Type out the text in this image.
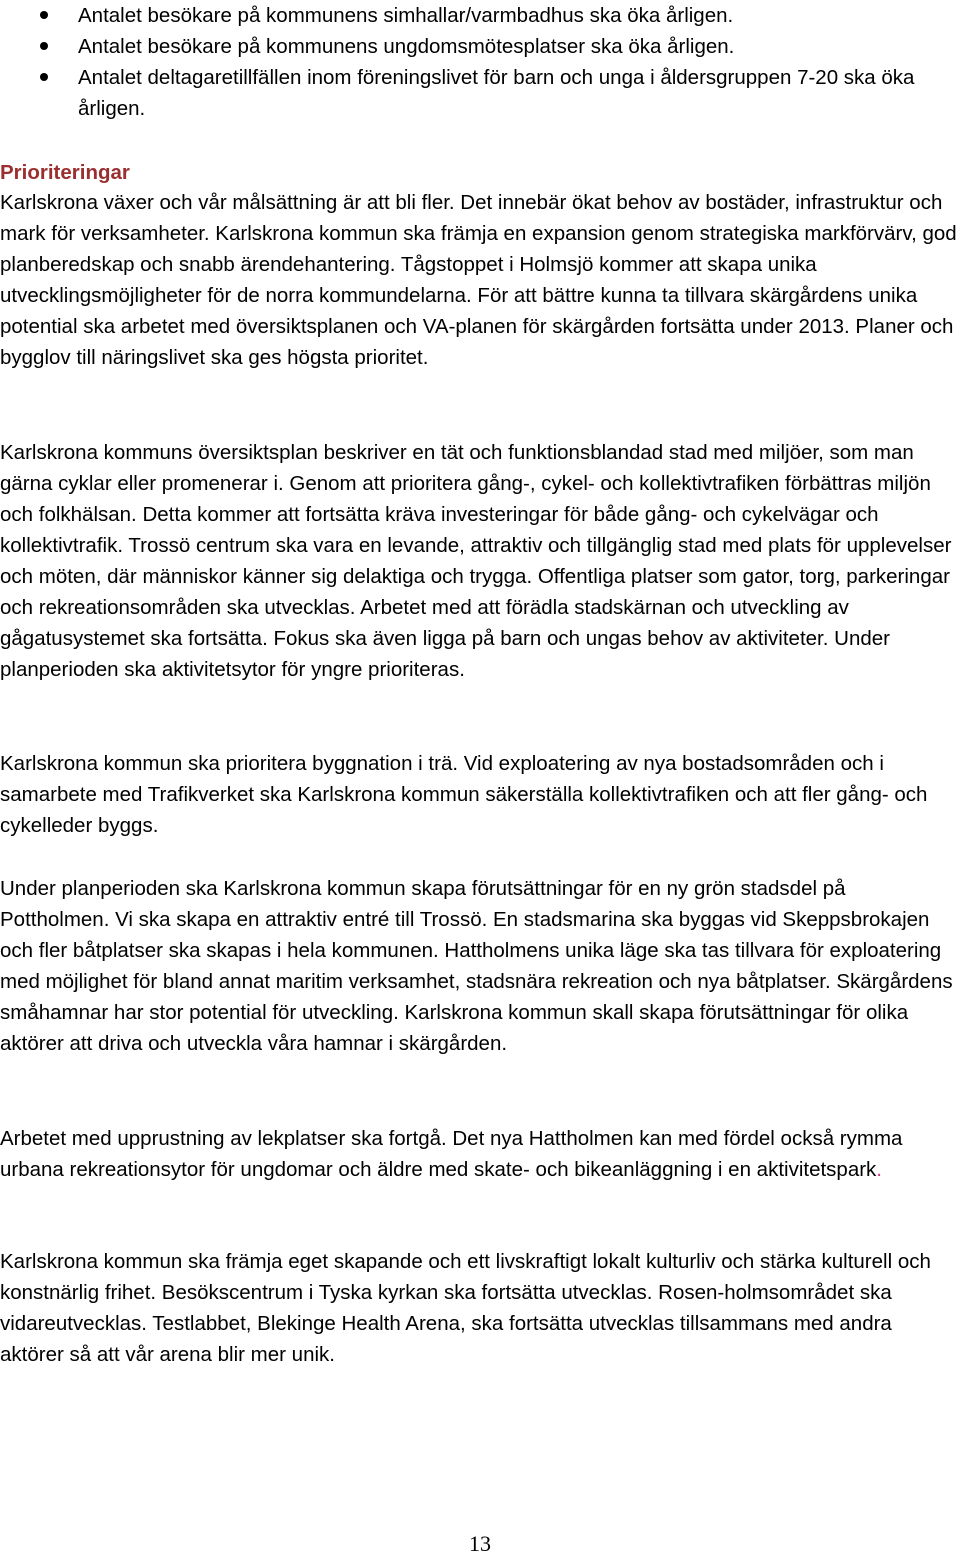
Antalet besökare på kommunens simhallar/varmbadhus ska öka årligen.
Antalet besökare på kommunens ungdomsmötesplatser ska öka årligen.
Antalet deltagaretillfällen inom föreningslivet för barn och unga i åldersgruppen 7-20 ska öka årligen.
Prioriteringar

Karlskrona växer och vår målsättning är att bli fler. Det innebär ökat behov av bostäder, infrastruktur och mark för verksamheter. Karlskrona kommun ska främja en expansion genom strategiska markförvärv, god planberedskap och snabb ärendehantering. Tågstoppet i Holmsjö kommer att skapa unika utvecklingsmöjligheter för de norra kommundelarna. För att bättre kunna ta tillvara skärgårdens unika potential ska arbetet med översiktsplanen och VA-planen för skärgården fortsätta under 2013. Planer och bygglov till näringslivet ska ges högsta prioritet.

Karlskrona kommuns översiktsplan beskriver en tät och funktionsblandad stad med miljöer, som man gärna cyklar eller promenerar i. Genom att prioritera gång-, cykel- och kollektivtrafiken förbättras miljön och folkhälsan. Detta kommer att fortsätta kräva investeringar för både gång- och cykelvägar och kollektivtrafik. Trossö centrum ska vara en levande, attraktiv och tillgänglig stad med plats för upplevelser och möten, där människor känner sig delaktiga och trygga. Offentliga platser som gator, torg, parkeringar och rekreationsområden ska utvecklas. Arbetet med att förädla stadskärnan och utveckling av gågatusystemet ska fortsätta. Fokus ska även ligga på barn och ungas behov av aktiviteter. Under planperioden ska aktivitetsytor för yngre prioriteras.

Karlskrona kommun ska prioritera byggnation i trä. Vid exploatering av nya bostadsområden och i samarbete med Trafikverket ska Karlskrona kommun säkerställa kollektivtrafiken och att fler gång- och cykelleder byggs.

Under planperioden ska Karlskrona kommun skapa förutsättningar för en ny grön stadsdel på Pottholmen. Vi ska skapa en attraktiv entré till Trossö. En stadsmarina ska byggas vid Skeppsbrokajen och fler båtplatser ska skapas i hela kommunen. Hattholmens unika läge ska tas tillvara för exploatering med möjlighet för bland annat maritim verksamhet, stadsnära rekreation och nya båtplatser. Skärgårdens småhamnar har stor potential för utveckling. Karlskrona kommun skall skapa förutsättningar för olika aktörer att driva och utveckla våra hamnar i skärgården.

Arbetet med upprustning av lekplatser ska fortgå. Det nya Hattholmen kan med fördel också rymma urbana rekreationsytor för ungdomar och äldre med skate- och bikeanläggning i en aktivitetspark.

Karlskrona kommun ska främja eget skapande och ett livskraftigt lokalt kulturliv och stärka kulturell och konstnärlig frihet. Besökscentrum i Tyska kyrkan ska fortsätta utvecklas. Rosen-holmsområdet ska vidareutvecklas. Testlabbet, Blekinge Health Arena, ska fortsätta utvecklas tillsammans med andra aktörer så att vår arena blir mer unik.

13
